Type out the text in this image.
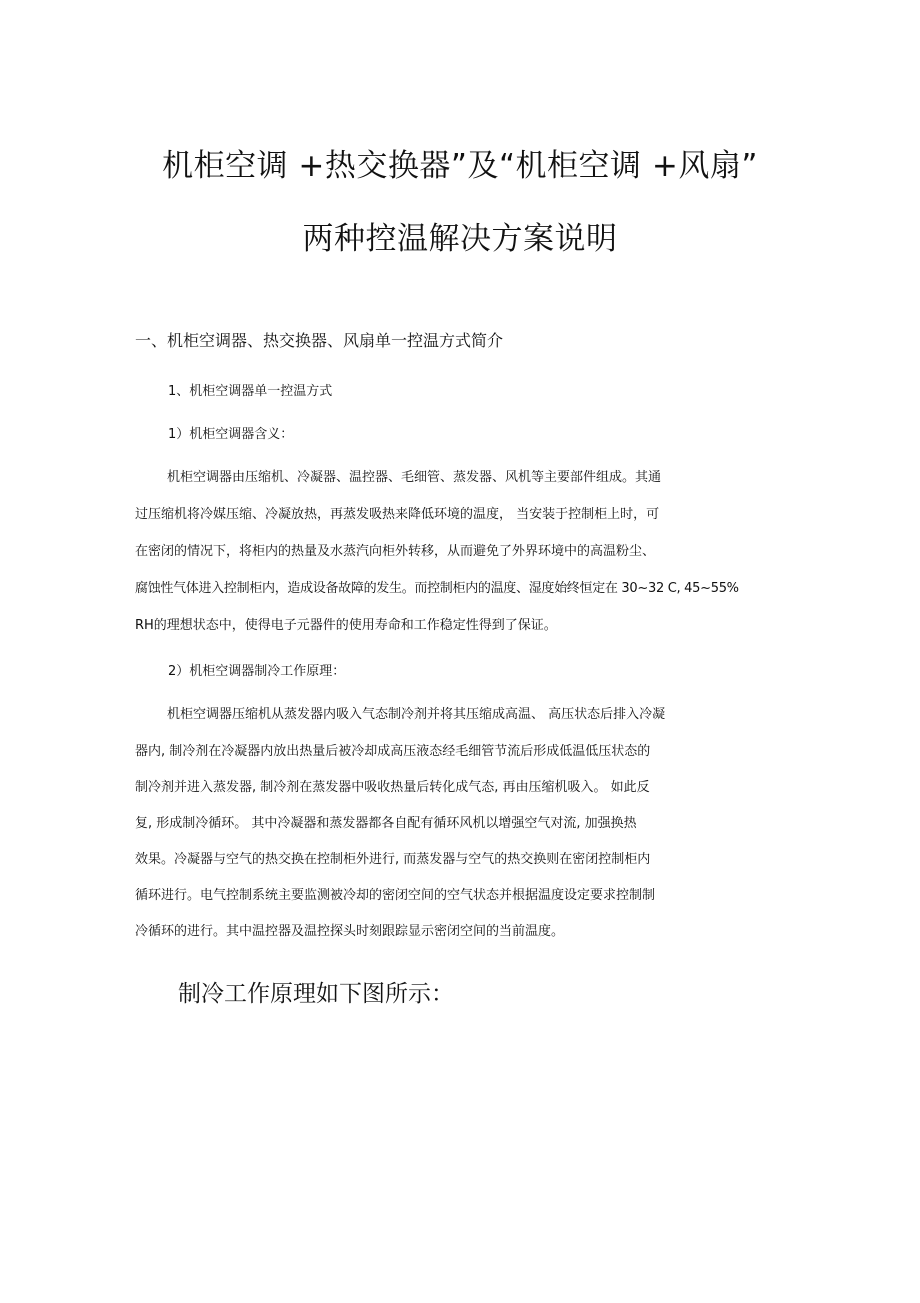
机柜空调 +热交换器”及“机柜空调 +风扇”
两种控温解决方案说明
一、机柜空调器、热交换器、风扇单一控温方式简介
1、机柜空调器单一控温方式
1）机柜空调器含义：
机柜空调器由压缩机、冷凝器、温控器、毛细管、蒸发器、风机等主要部件组成。其通
过压缩机将冷媒压缩、冷凝放热，再蒸发吸热来降低环境的温度， 当安装于控制柜上时，可
在密闭的情况下，将柜内的热量及水蒸汽向柜外转移，从而避免了外界环境中的高温粉尘、
腐蚀性气体进入控制柜内，造成设备故障的发生。而控制柜内的温度、湿度始终恒定在 30~32 C, 45~55%
RH的理想状态中，使得电子元器件的使用寿命和工作稳定性得到了保证。
2）机柜空调器制冷工作原理：
机柜空调器压缩机从蒸发器内吸入气态制冷剂并将其压缩成高温、 高压状态后排入冷凝
器内, 制冷剂在冷凝器内放出热量后被冷却成高压液态经毛细管节流后形成低温低压状态的
制冷剂并进入蒸发器, 制冷剂在蒸发器中吸收热量后转化成气态, 再由压缩机吸入。 如此反
复, 形成制冷循环。 其中冷凝器和蒸发器都各自配有循环风机以增强空气对流, 加强换热
效果。冷凝器与空气的热交换在控制柜外进行, 而蒸发器与空气的热交换则在密闭控制柜内
循环进行。电气控制系统主要监测被冷却的密闭空间的空气状态并根据温度设定要求控制制
冷循环的进行。其中温控器及温控探头时刻跟踪显示密闭空间的当前温度。
制冷工作原理如下图所示：
